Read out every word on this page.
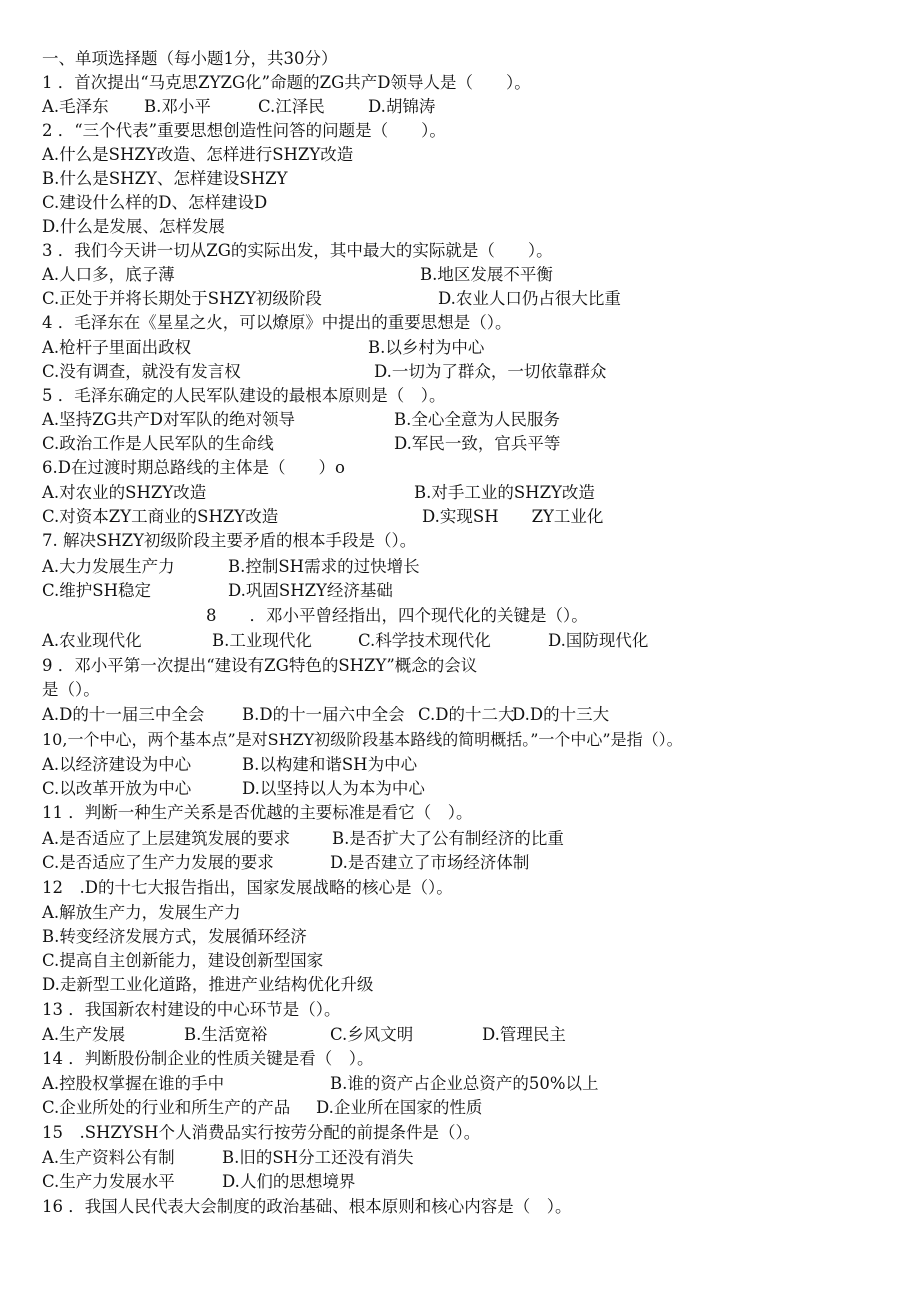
一、单项选择题（每小题1分，共30分）
1 ．首次提出“马克思ZYZG化”命题的ZG共产D领导人是（　　）。
A.毛泽东 B.邓小平	C.江泽民	D.胡锦涛
2 ．“三个代表”重要思想创造性问答的问题是（　　）。
A.什么是SHZY改造、怎样进行SHZY改造
B.什么是SHZY、怎样建设SHZY
C.建设什么样的D、怎样建设D
D.什么是发展、怎样发展
3 ．我们今天讲一切从ZG的实际出发，其中最大的实际就是（　　）。
A.人口多，底子薄	B.地区发展不平衡
C.正处于并将长期处于SHZY初级阶段	D.农业人口仍占很大比重
4 ．毛泽东在《星星之火，可以燎原》中提出的重要思想是（）。
A.枪杆子里面出政权	B.以乡村为中心
C.没有调查，就没有发言权	D.一切为了群众，一切依靠群众
5 ．毛泽东确定的人民军队建设的最根本原则是（　）。
A.坚持ZG共产D对军队的绝对领导	B.全心全意为人民服务
C.政治工作是人民军队的生命线	D.军民一致，官兵平等
6.D在过渡时期总路线的主体是（　　）o
A.对农业的SHZY改造	B.对手工业的SHZY改造
C.对资本ZY工商业的SHZY改造	D.实现SH　　ZY工业化
7. 解决SHZY初级阶段主要矛盾的根本手段是（）。
A.大力发展生产力	B.控制SH需求的过快增长
C.维护SH稳定	D.巩固SHZY经济基础
8　　．邓小平曾经指出，四个现代化的关键是（）。
A.农业现代化	B.工业现代化	C.科学技术现代化	D.国防现代化
9 ．邓小平第一次提出“建设有ZG特色的SHZY”概念的会议
是（）。
A.D的十一届三中全会 B.D的十一届六中全会 C.D的十二大
D.D的十三大
10,一个中心，两个基本点”是对SHZY初级阶段基本路线的简明概括。”一个中心”是指（）。
A.以经济建设为中心	B.以构建和谐SH为中心
C.以改革开放为中心	D.以坚持以人为本为中心
11 ．判断一种生产关系是否优越的主要标准是看它（　）。
A.是否适应了上层建筑发展的要求	B.是否扩大了公有制经济的比重
C.是否适应了生产力发展的要求	D.是否建立了市场经济体制
12　.D的十七大报告指出，国家发展战略的核心是（）。
A.解放生产力，发展生产力
B.转变经济发展方式，发展循环经济
C.提高自主创新能力，建设创新型国家
D.走新型工业化道路，推进产业结构优化升级
13 ．我国新农村建设的中心环节是（）。
A.生产发展	B.生活宽裕	C.乡风文明	D.管理民主
14 ．判断股份制企业的性质关键是看（　）。
A.控股权掌握在谁的手中	B.谁的资产占企业总资产的50%以上
C.企业所处的行业和所生产的产品 D.企业所在国家的性质
15　.SHZYSH个人消费品实行按劳分配的前提条件是（）。
A.生产资料公有制	B.旧的SH分工还没有消失
C.生产力发展水平	D.人们的思想境界
16 ．我国人民代表大会制度的政治基础、根本原则和核心内容是（　）。
